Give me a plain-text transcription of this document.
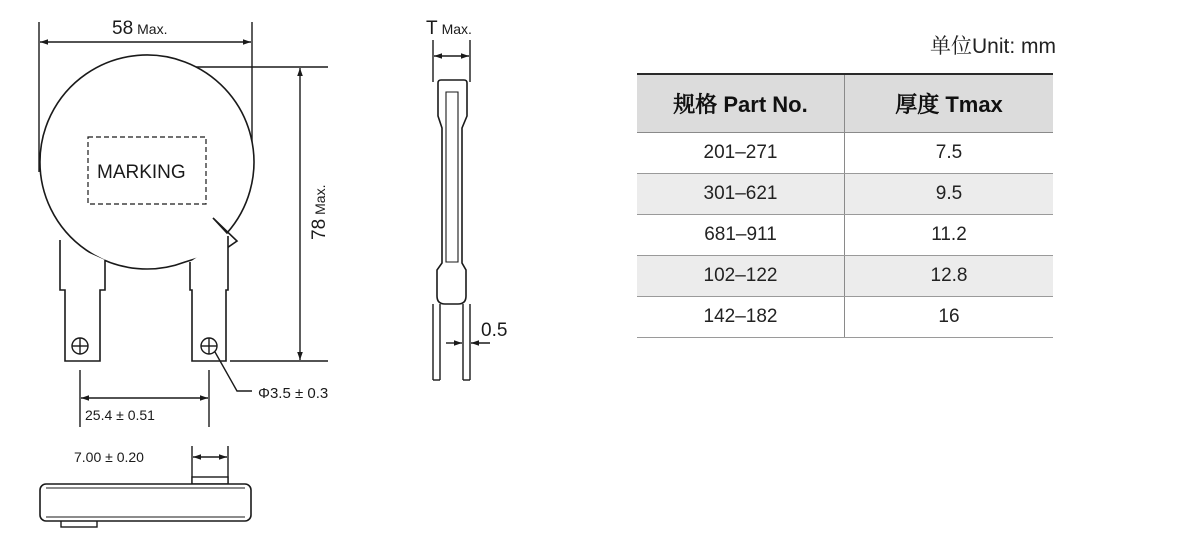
58 Max.
78Max.
MARKING
Φ3.5 ± 0.3
25.4 ± 0.51
T Max.
0.5
7.00 ± 0.20
单位Unit: mm
规格 Part No.	厚度 Tmax
201–271	7.5
301–621	9.5
681–911	11.2
102–122	12.8
142–182	16
